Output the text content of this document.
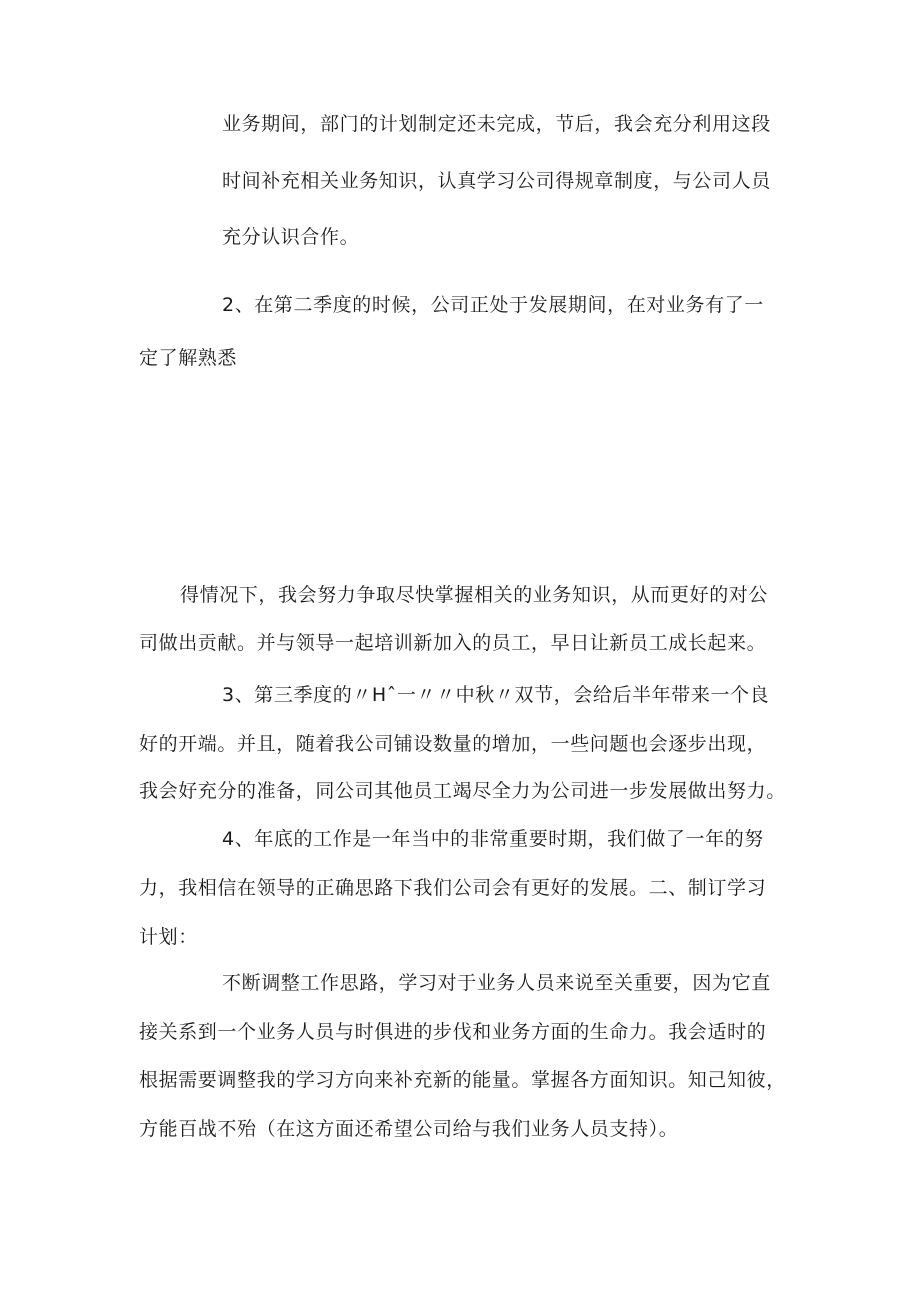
业务期间，部门的计划制定还未完成，节后，我会充分利用这段
时间补充相关业务知识，认真学习公司得规章制度，与公司人员
充分认识合作。
2、在第二季度的时候，公司正处于发展期间，在对业务有了一
定了解熟悉
得情况下，我会努力争取尽快掌握相关的业务知识，从而更好的对公
司做出贡献。并与领导一起培训新加入的员工，早日让新员工成长起来。
3、第三季度的〃Hˆ一〃〃中秋〃双节，会给后半年带来一个良
好的开端。并且，随着我公司铺设数量的增加，一些问题也会逐步出现，
我会好充分的准备，同公司其他员工竭尽全力为公司进一步发展做出努力。
4、年底的工作是一年当中的非常重要时期，我们做了一年的努
力，我相信在领导的正确思路下我们公司会有更好的发展。二、制订学习
计划：
不断调整工作思路，学习对于业务人员来说至关重要，因为它直
接关系到一个业务人员与时俱进的步伐和业务方面的生命力。我会适时的
根据需要调整我的学习方向来补充新的能量。掌握各方面知识。知己知彼，
方能百战不殆（在这方面还希望公司给与我们业务人员支持）。
